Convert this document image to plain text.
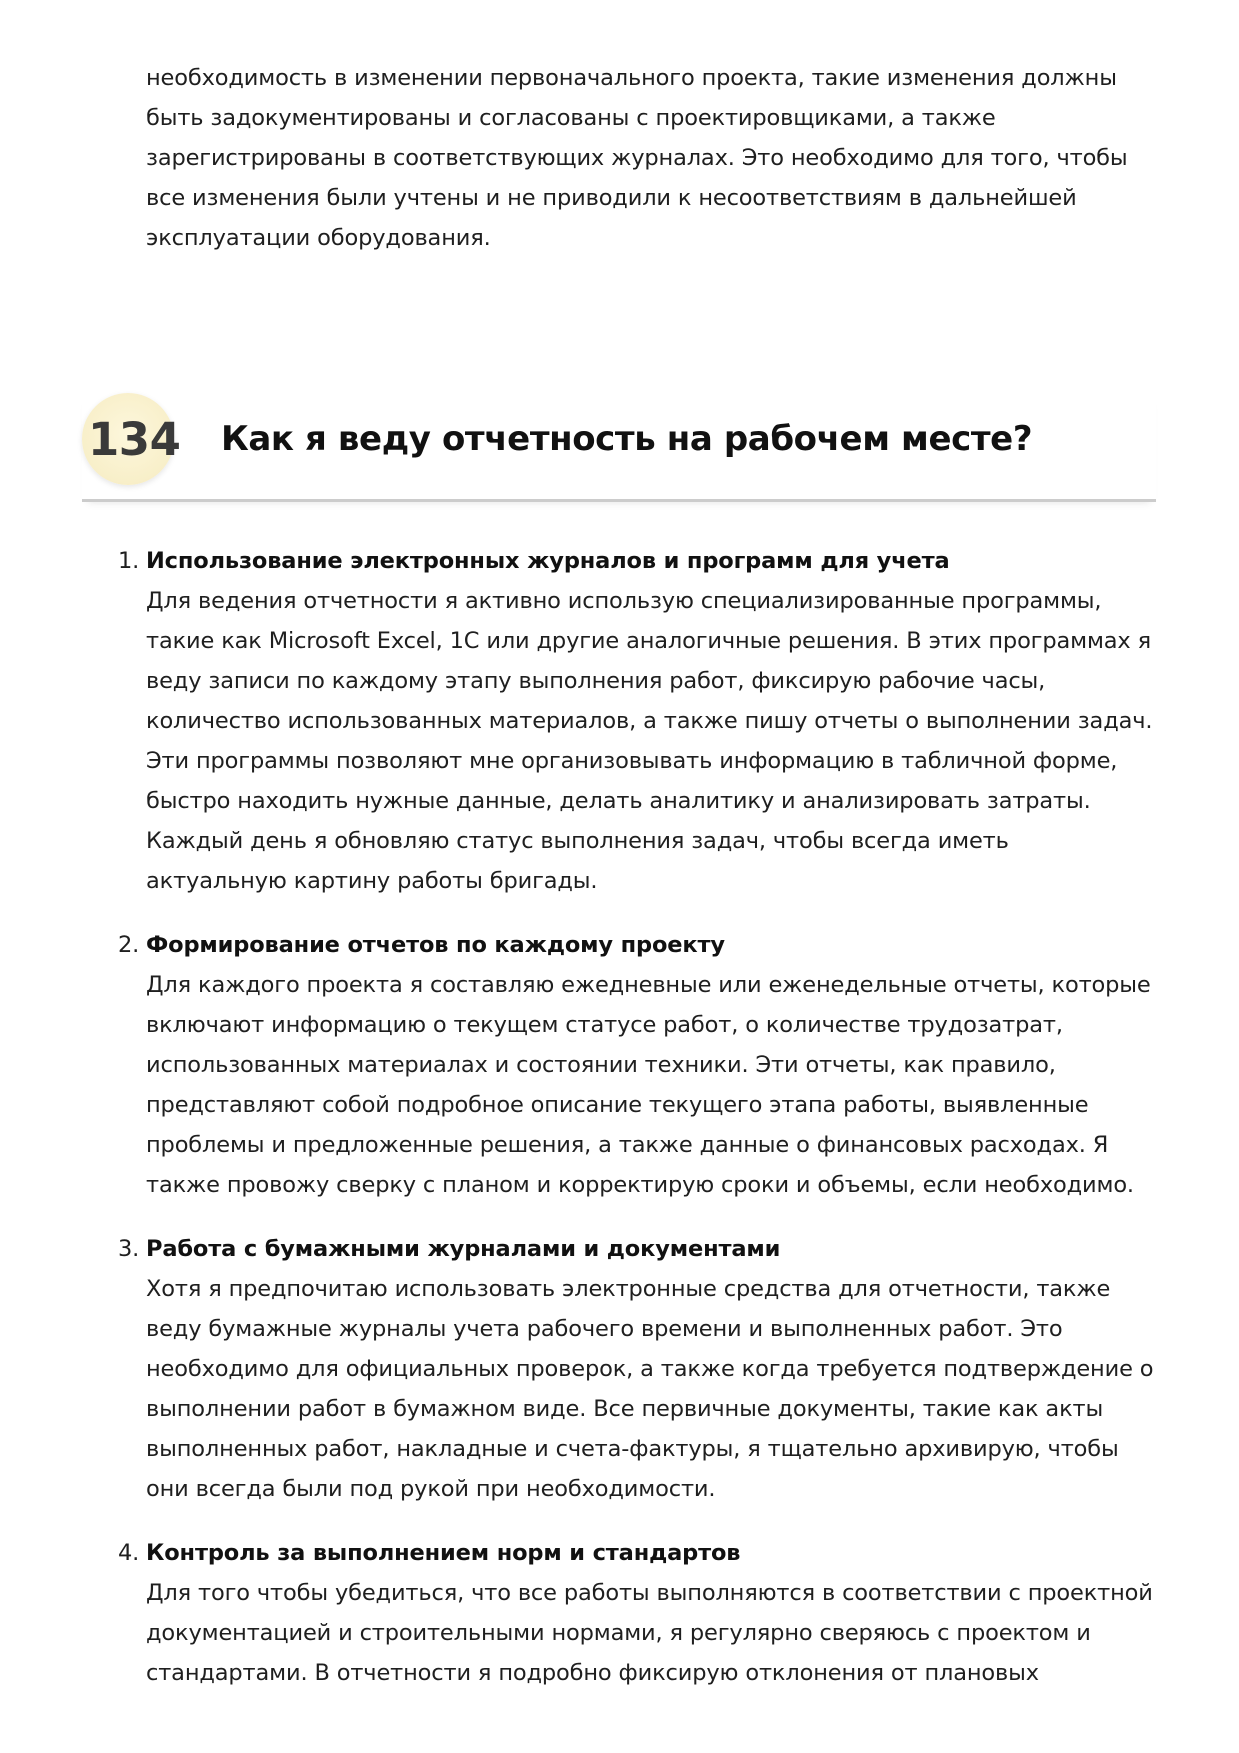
необходимость в изменении первоначального проекта, такие изменения должны быть задокументированы и согласованы с проектировщиками, а также зарегистрированы в соответствующих журналах. Это необходимо для того, чтобы все изменения были учтены и не приводили к несоответствиям в дальнейшей эксплуатации оборудования.

134 Как я веду отчетность на рабочем месте?
1. Использование электронных журналов и программ для учета
Для ведения отчетности я активно использую специализированные программы, такие как Microsoft Excel, 1С или другие аналогичные решения. В этих программах я веду записи по каждому этапу выполнения работ, фиксирую рабочие часы, количество использованных материалов, а также пишу отчеты о выполнении задач. Эти программы позволяют мне организовывать информацию в табличной форме, быстро находить нужные данные, делать аналитику и анализировать затраты. Каждый день я обновляю статус выполнения задач, чтобы всегда иметь актуальную картину работы бригады.
2. Формирование отчетов по каждому проекту
Для каждого проекта я составляю ежедневные или еженедельные отчеты, которые включают информацию о текущем статусе работ, о количестве трудозатрат, использованных материалах и состоянии техники. Эти отчеты, как правило, представляют собой подробное описание текущего этапа работы, выявленные проблемы и предложенные решения, а также данные о финансовых расходах. Я также провожу сверку с планом и корректирую сроки и объемы, если необходимо.
3. Работа с бумажными журналами и документами
Хотя я предпочитаю использовать электронные средства для отчетности, также веду бумажные журналы учета рабочего времени и выполненных работ. Это необходимо для официальных проверок, а также когда требуется подтверждение о выполнении работ в бумажном виде. Все первичные документы, такие как акты выполненных работ, накладные и счета-фактуры, я тщательно архивирую, чтобы они всегда были под рукой при необходимости.
4. Контроль за выполнением норм и стандартов
Для того чтобы убедиться, что все работы выполняются в соответствии с проектной документацией и строительными нормами, я регулярно сверяюсь с проектом и стандартами. В отчетности я подробно фиксирую отклонения от плановых
